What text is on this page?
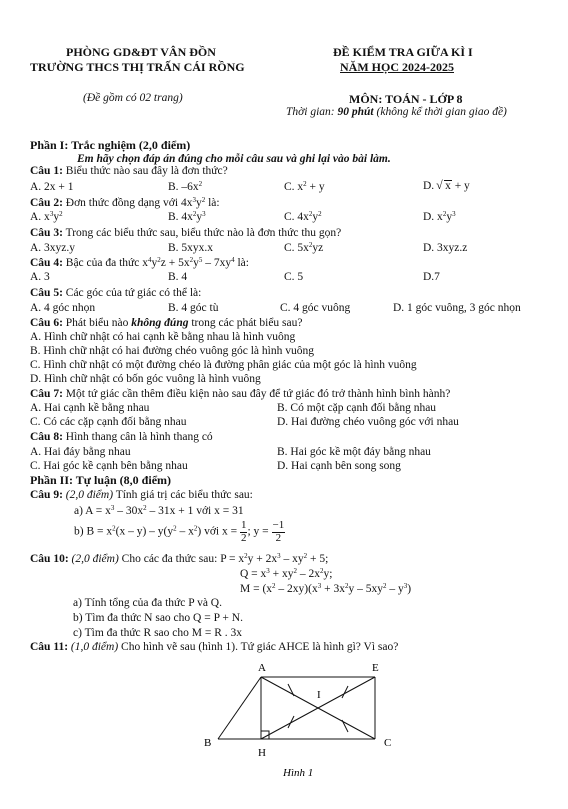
PHÒNG GD&ĐT VÂN ĐỒN
TRƯỜNG THCS THỊ TRẤN CÁI RỒNG
(Đề gồm có 02 trang)
ĐỀ KIỂM TRA GIỮA KÌ I
NĂM HỌC 2024-2025
MÔN: TOÁN - LỚP 8
Thời gian: 90 phút (không kể thời gian giao đề)
Phần I: Trắc nghiệm (2,0 điểm)
Em hãy chọn đáp án đúng cho mỗi câu sau và ghi lại vào bài làm.
Câu 1: Biểu thức nào sau đây là đơn thức?
A. 2x + 1	B. $-6x^2$	C. $x^2 + y$	D. x
√ + y
Câu 2: Đơn thức đồng dạng với $4x^3y^2$ là:
A. $x^3y^2$	B. $4x^2y^3$	C. $4x^2y^2$	D. $x^2y^3$
Câu 3: Trong các biểu thức sau, biểu thức nào là đơn thức thu gọn?
A. 3xyz.y	B. 5xyx.x	C. $5x^2yz$	D. 3xyz.z
Câu 4: Bậc của đa thức $x^4y^2z + 5x^2y^5 - 7xy^4$ là:
A. 3	B. 4	C. 5	D.7
Câu 5: Các góc của tứ giác có thể là:
A. 4 góc nhọn	B. 4 góc tù	C. 4 góc vuông	D. 1 góc vuông, 3 góc nhọn
Câu 6: Phát biểu nào không đúng trong các phát biểu sau?
A. Hình chữ nhật có hai cạnh kề bằng nhau là hình vuông
B. Hình chữ nhật có hai đường chéo vuông góc là hình vuông
C. Hình chữ nhật có một đường chéo là đường phân giác của một góc là hình vuông
D. Hình chữ nhật có bốn góc vuông là hình vuông
Câu 7: Một tứ giác cần thêm điều kiện nào sau đây để tứ giác đó trở thành hình bình hành?
A. Hai cạnh kề bằng nhau	B. Có một cặp cạnh đối bằng nhau
C. Có các cặp cạnh đối bằng nhau	D. Hai đường chéo vuông góc với nhau
Câu 8: Hình thang cân là hình thang có
A. Hai đáy bằng nhau	B. Hai góc kề một đáy bằng nhau
C. Hai góc kề cạnh bên bằng nhau	D. Hai cạnh bên song song
Phần II: Tự luận (8,0 điểm)
Câu 9: (2,0 điểm) Tính giá trị các biểu thức sau:
a) $A = x^3 - 30x^2 - 31x + 1$ với x = 31
b) $B = x^2(x - y) - y(y^2 - x^2)$ với $x = \frac{1}{2}$ ; $y = \frac{-1}{2}$
Câu 10: (2,0 điểm) Cho các đa thức sau: $P = x^2y + 2x^3 - xy^2 + 5$;
$Q = x^3 + xy^2 - 2x^2y$;
$M = (x^2 - 2xy)(x^3 + 3x^2y - 5xy^2 - y^3)$
a) Tính tổng của đa thức P và Q.
b) Tìm đa thức N sao cho Q = P + N.
c) Tìm đa thức R sao cho M = R . 3x
Câu 11: (1,0 điểm) Cho hình vẽ sau (hình 1). Tứ giác AHCE là hình gì? Vì sao?
A	E
I
B
H
C
Hình 1
